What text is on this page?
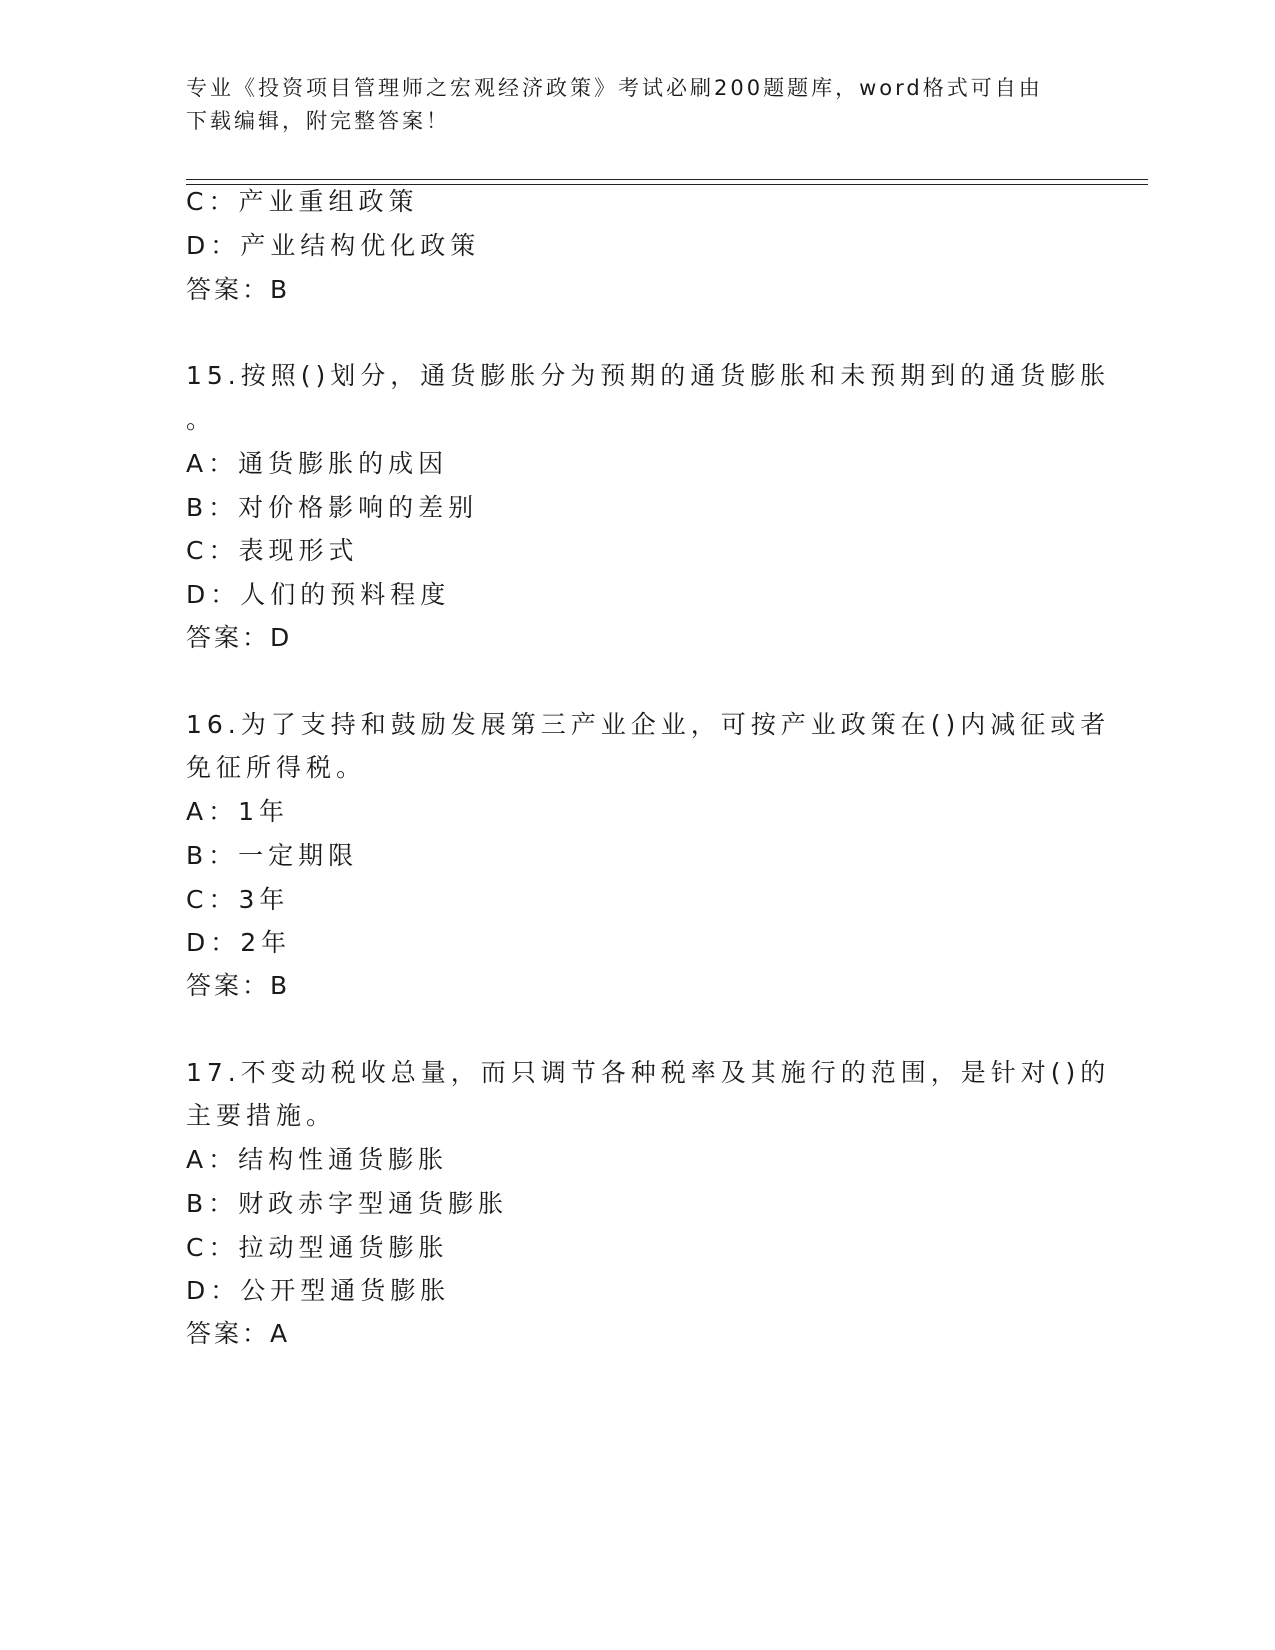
专业《投资项目管理师之宏观经济政策》考试必刷200题题库，word格式可自由
下载编辑，附完整答案！
C：产业重组政策
D：产业结构优化政策
答案：B
15.按照()划分，通货膨胀分为预期的通货膨胀和未预期到的通货膨胀
。
A：通货膨胀的成因
B：对价格影响的差别
C：表现形式
D：人们的预料程度
答案：D
16.为了支持和鼓励发展第三产业企业，可按产业政策在()内减征或者
免征所得税。
A：1年
B：一定期限
C：3年
D：2年
答案：B
17.不变动税收总量，而只调节各种税率及其施行的范围，是针对()的
主要措施。
A：结构性通货膨胀
B：财政赤字型通货膨胀
C：拉动型通货膨胀
D：公开型通货膨胀
答案：A
